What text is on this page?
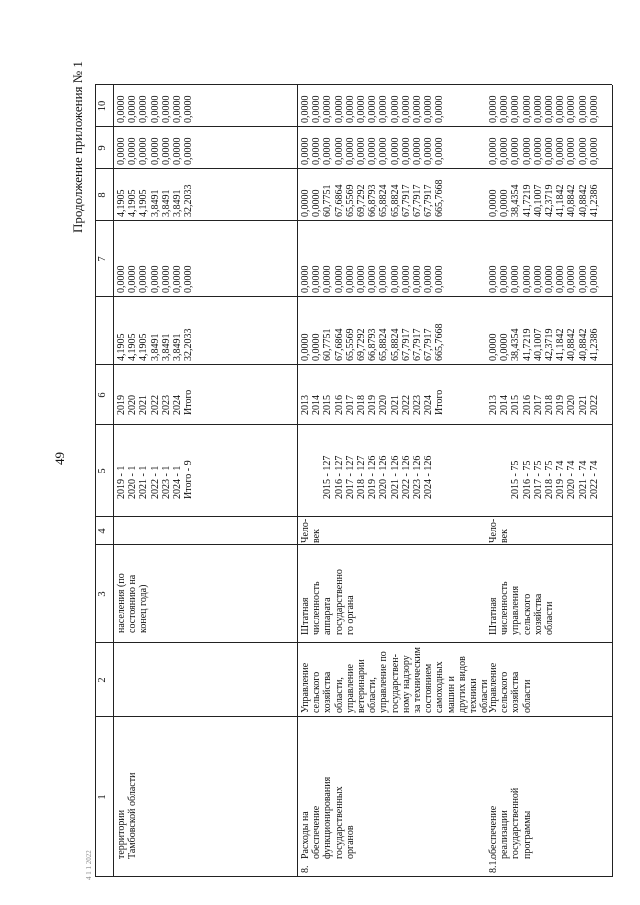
4 1 1 2022
49
Продолжение приложения № 1
1
2
3
4
5
6
7
8
9
10
территории Тамбовской области
населения (по состоянию на конец года)
2019 - 1 2020 - 1 2021 - 1 2022 - 1 2023 - 1 2024 - 1 Итого - 9
2019 2020 2021 2022 2023 2024 Итого
4,1905 4,1905 4,1905 3,8491 3,8491 3,8491 32,2033
0,0000 0,0000 0,0000 0,0000 0,0000 0,0000 0,0000
4,1905 4,1905 4,1905 3,8491 3,8491 3,8491 32,2033
0,0000 0,0000 0,0000 0,0000 0,0000 0,0000 0,0000
0,0000 0,0000 0,0000 0,0000 0,0000 0,0000 0,0000
8.
Расходы на обеспечение функционирования государственных органов
Управление сельского хозяйства области, управление ветеринарии области, управление по государствен- ному надзору за техническим состоянием самоходных машин и других видов техники области
Штатная численность аппарата государственно го органа
Чело- век
2015 - 127 2016 - 127 2017 - 127 2018 - 127 2019 - 126 2020 - 126 2021 - 126 2022 - 126 2023 - 126 2024 - 126
2013 2014 2015 2016 2017 2018 2019 2020 2021 2022 2023 2024 Итого
0,0000 0,0000 60,7751 67,6864 65,5569 69,7292 66,8793 65,8824 65,8824 67,7917 67,7917 67,7917 665,7668
0,0000 0,0000 0,0000 0,0000 0,0000 0,0000 0,0000 0,0000 0,0000 0,0000 0,0000 0,0000 0,0000
0,0000 0,0000 60,7751 67,6864 65,5569 69,7292 66,8793 65,8824 65,8824 67,7917 67,7917 67,7917 665,7668
0,0000 0,0000 0,0000 0,0000 0,0000 0,0000 0,0000 0,0000 0,0000 0,0000 0,0000 0,0000 0,0000
0,0000 0,0000 0,0000 0,0000 0,0000 0,0000 0,0000 0,0000 0,0000 0,0000 0,0000 0,0000 0,0000
8.1.
обеспечение реализации государственной программы
Управление сельского хозяйства области
Штатная численность управления сельского хозяйства области
Чело- век
2015 - 75 2016 - 75 2017 - 75 2018 - 75 2019 - 74 2020 - 74 2021 - 74 2022 - 74
2013 2014 2015 2016 2017 2018 2019 2020 2021 2022
0,0000 0,0000 38,4354 41,7219 40,1007 42,3719 41,1842 40,8842 40,8842 41,2386
0,0000 0,0000 0,0000 0,0000 0,0000 0,0000 0,0000 0,0000 0,0000 0,0000
0,0000 0,0000 38,4354 41,7219 40,1007 42,3719 41,1842 40,8842 40,8842 41,2386
0,0000 0,0000 0,0000 0,0000 0,0000 0,0000 0,0000 0,0000 0,0000 0,0000
0,0000 0,0000 0,0000 0,0000 0,0000 0,0000 0,0000 0,0000 0,0000 0,0000
